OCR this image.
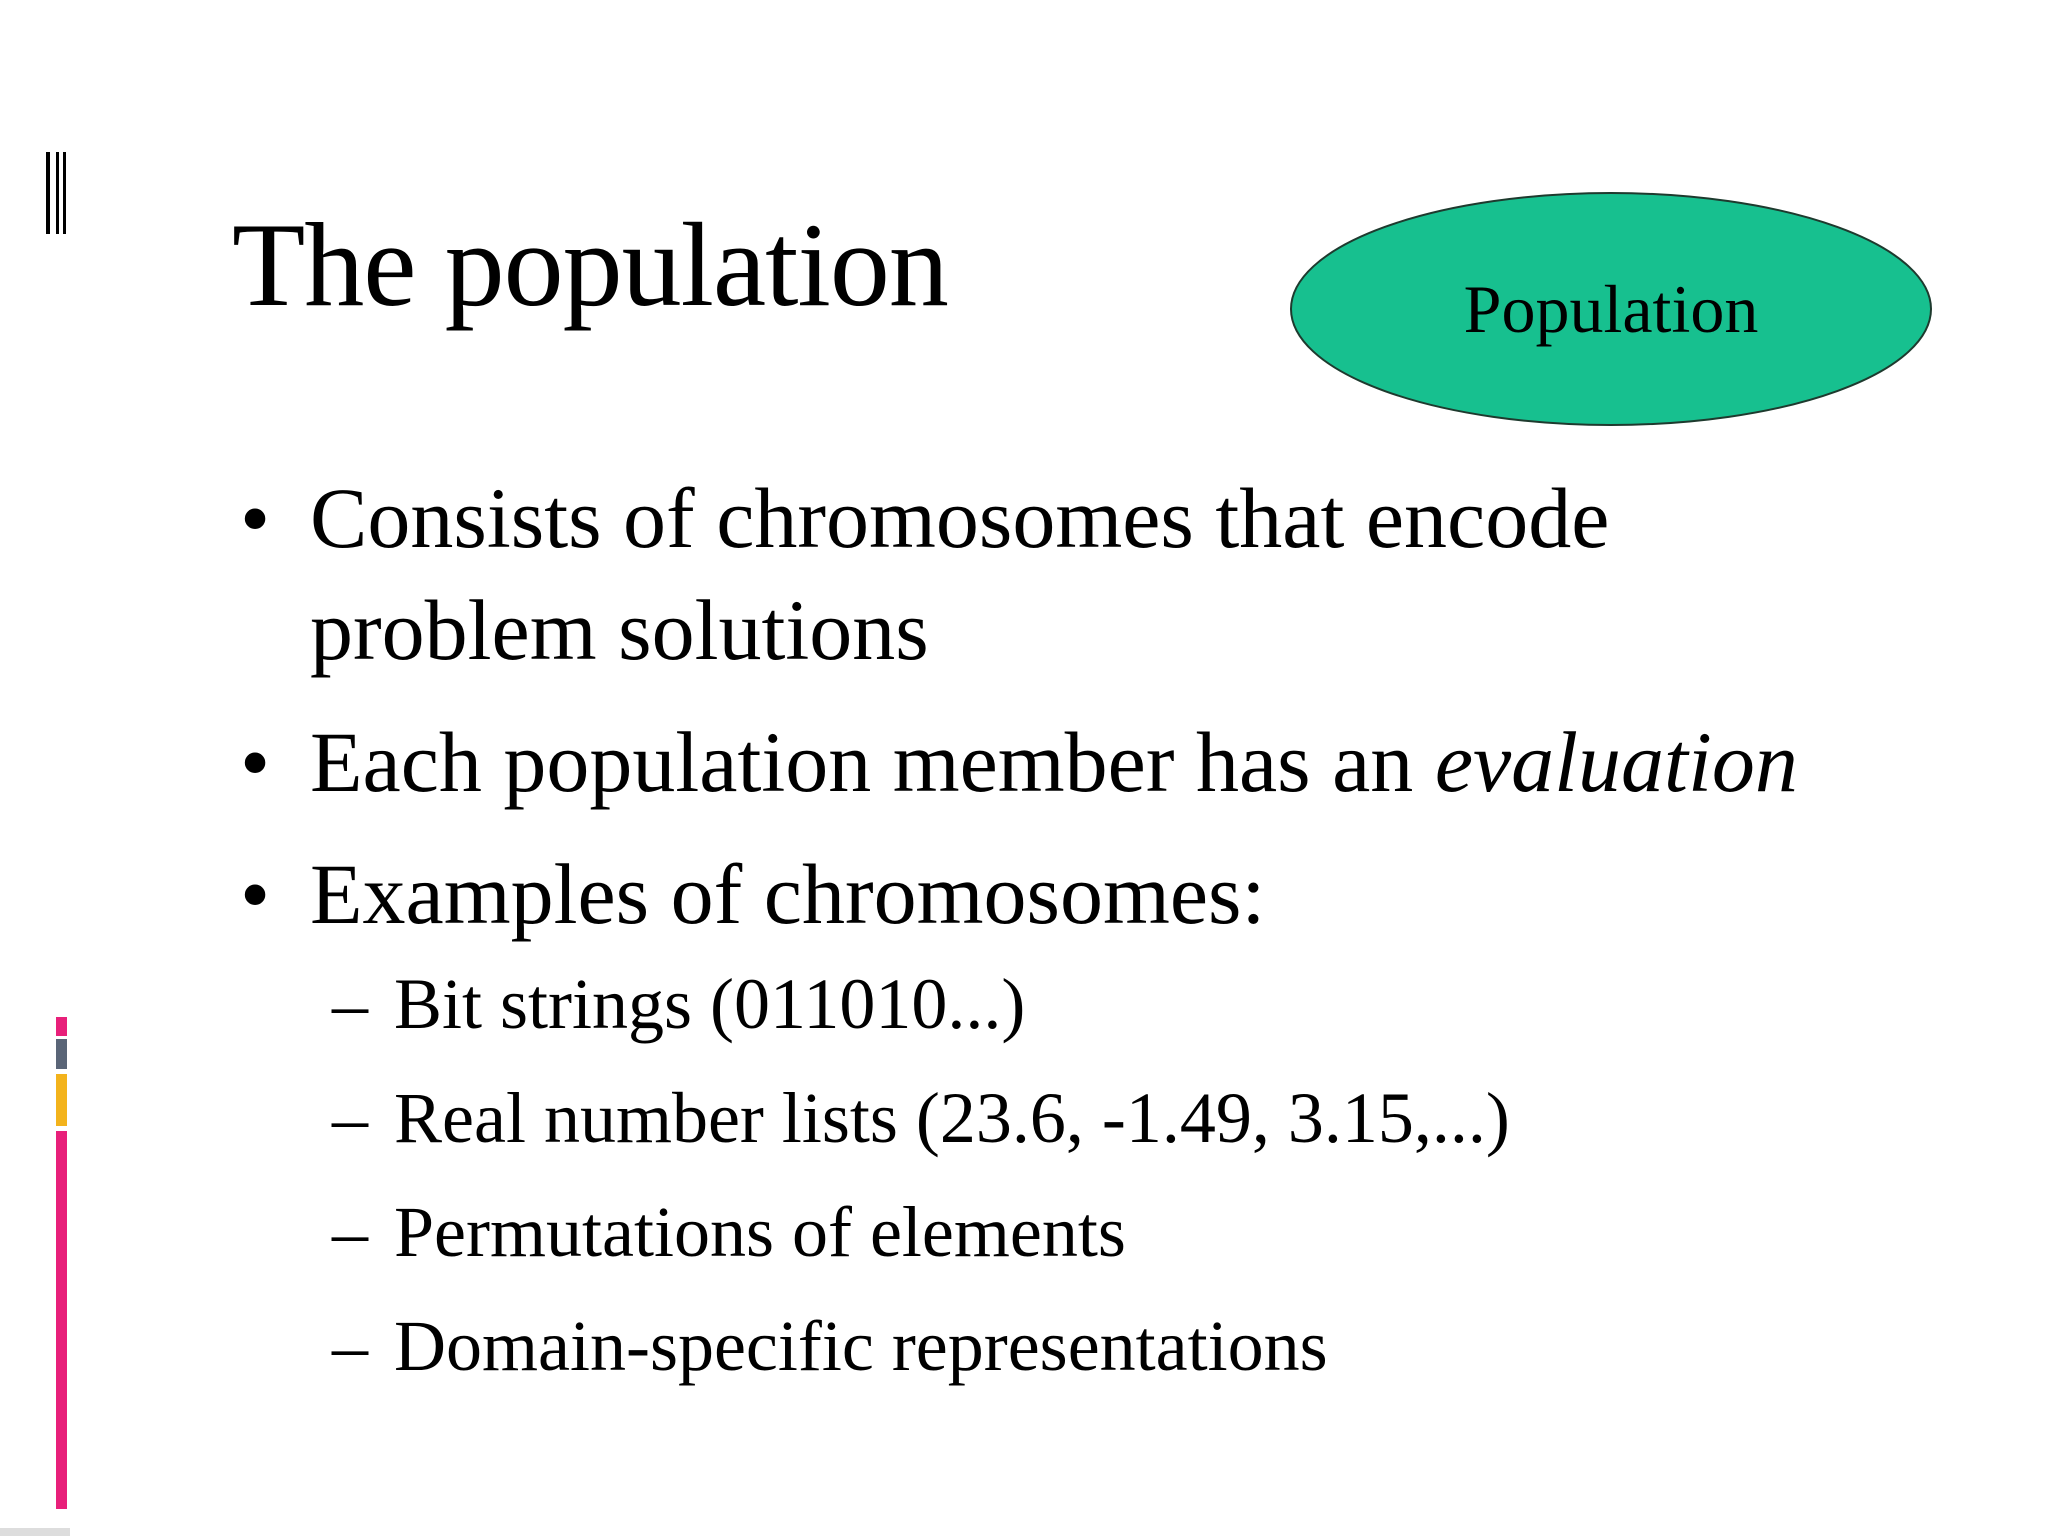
The population	Population
• Consists of chromosomes that encode
problem solutions
• Each population member has an evaluation
• Examples of chromosomes:
– Bit strings (011010...)
– Real number lists (23.6, -1.49, 3.15,...)
– Permutations of elements
– Domain-specific representations
